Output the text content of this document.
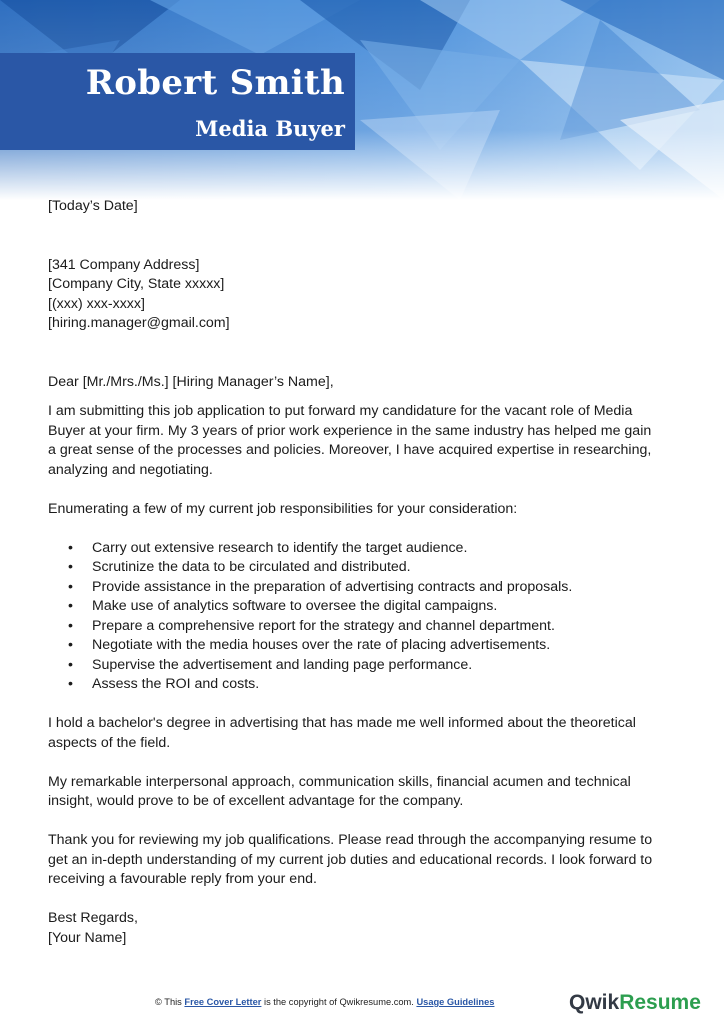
Robert Smith
Media Buyer
[Today’s Date]
[341 Company Address]
[Company City, State xxxxx]
[(xxx) xxx-xxxx]
[hiring.manager@gmail.com]
Dear [Mr./Mrs./Ms.] [Hiring Manager’s Name],
I am submitting this job application to put forward my candidature for the vacant role of Media
Buyer at your firm. My 3 years of prior work experience in the same industry has helped me gain
a great sense of the processes and policies. Moreover, I have acquired expertise in researching,
analyzing and negotiating.
Enumerating a few of my current job responsibilities for your consideration:
• Carry out extensive research to identify the target audience.
• Scrutinize the data to be circulated and distributed.
• Provide assistance in the preparation of advertising contracts and proposals.
• Make use of analytics software to oversee the digital campaigns.
• Prepare a comprehensive report for the strategy and channel department.
• Negotiate with the media houses over the rate of placing advertisements.
• Supervise the advertisement and landing page performance.
• Assess the ROI and costs.
I hold a bachelor's degree in advertising that has made me well informed about the theoretical
aspects of the field.
My remarkable interpersonal approach, communication skills, financial acumen and technical
insight, would prove to be of excellent advantage for the company.
Thank you for reviewing my job qualifications. Please read through the accompanying resume to
get an in-depth understanding of my current job duties and educational records. I look forward to
receiving a favourable reply from your end.
Best Regards,
[Your Name]
© This Free Cover Letter is the copyright of Qwikresume.com. Usage Guidelines	QwikResume
